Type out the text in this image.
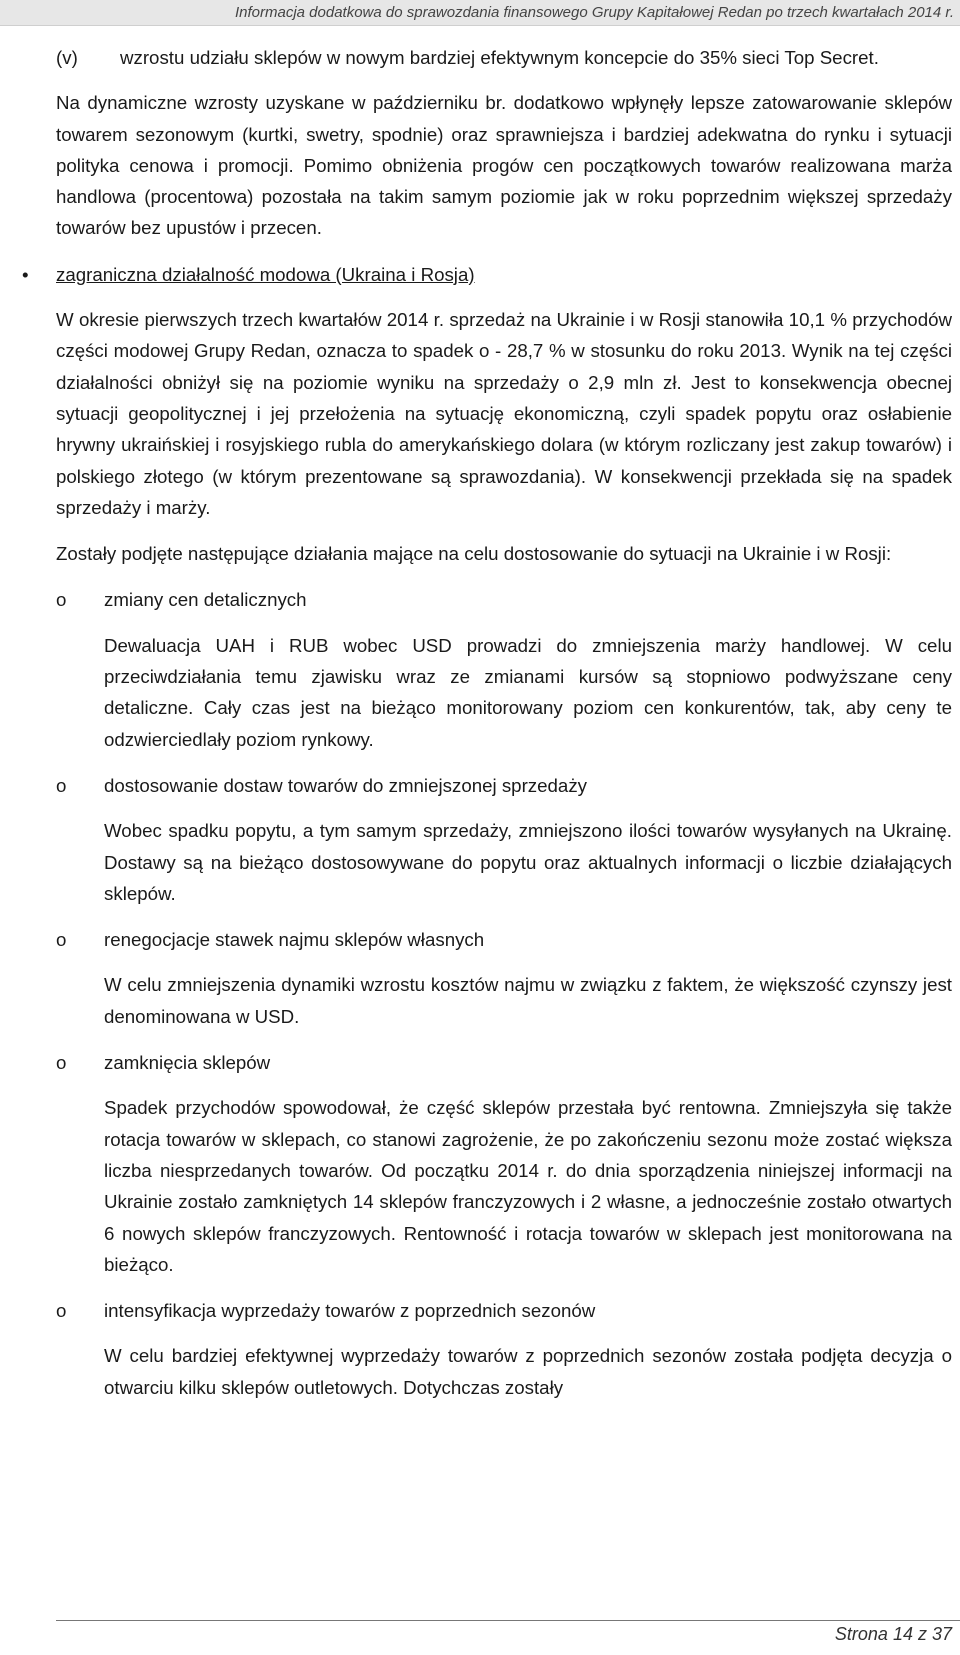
Informacja dodatkowa do sprawozdania finansowego Grupy Kapitałowej Redan po trzech kwartałach 2014 r.
(v) wzrostu udziału sklepów w nowym bardziej efektywnym koncepcie do 35% sieci Top Secret.

Na dynamiczne wzrosty uzyskane w październiku br. dodatkowo wpłynęły lepsze zatowarowanie sklepów towarem sezonowym (kurtki, swetry, spodnie) oraz sprawniejsza i bardziej adekwatna do rynku i sytuacji polityka cenowa i promocji. Pomimo obniżenia progów cen początkowych towarów realizowana marża handlowa (procentowa) pozostała na takim samym poziomie jak w roku poprzednim większej sprzedaży towarów bez upustów i przecen.

• zagraniczna działalność modowa (Ukraina i Rosja)

W okresie pierwszych trzech kwartałów 2014 r. sprzedaż na Ukrainie i w Rosji stanowiła 10,1 % przychodów części modowej Grupy Redan, oznacza to spadek o - 28,7 % w stosunku do roku 2013. Wynik na tej części działalności obniżył się na poziomie wyniku na sprzedaży o 2,9 mln zł. Jest to konsekwencja obecnej sytuacji geopolitycznej i jej przełożenia na sytuację ekonomiczną, czyli spadek popytu oraz osłabienie hrywny ukraińskiej i rosyjskiego rubla do amerykańskiego dolara (w którym rozliczany jest zakup towarów) i polskiego złotego (w którym prezentowane są sprawozdania). W konsekwencji przekłada się na spadek sprzedaży i marży.

Zostały podjęte następujące działania mające na celu dostosowanie do sytuacji na Ukrainie i w Rosji:

o zmiany cen detalicznych

Dewaluacja UAH i RUB wobec USD prowadzi do zmniejszenia marży handlowej. W celu przeciwdziałania temu zjawisku wraz ze zmianami kursów są stopniowo podwyższane ceny detaliczne. Cały czas jest na bieżąco monitorowany poziom cen konkurentów, tak, aby ceny te odzwierciedlały poziom rynkowy.

o dostosowanie dostaw towarów do zmniejszonej sprzedaży

Wobec spadku popytu, a tym samym sprzedaży, zmniejszono ilości towarów wysyłanych na Ukrainę. Dostawy są na bieżąco dostosowywane do popytu oraz aktualnych informacji o liczbie działających sklepów.

o renegocjacje stawek najmu sklepów własnych

W celu zmniejszenia dynamiki wzrostu kosztów najmu w związku z faktem, że większość czynszy jest denominowana w USD.

o zamknięcia sklepów

Spadek przychodów spowodował, że część sklepów przestała być rentowna. Zmniejszyła się także rotacja towarów w sklepach, co stanowi zagrożenie, że po zakończeniu sezonu może zostać większa liczba niesprzedanych towarów. Od początku 2014 r. do dnia sporządzenia niniejszej informacji na Ukrainie zostało zamkniętych 14 sklepów franczyzowych i 2 własne, a jednocześnie zostało otwartych 6 nowych sklepów franczyzowych. Rentowność i rotacja towarów w sklepach jest monitorowana na bieżąco.

o intensyfikacja wyprzedaży towarów z poprzednich sezonów

W celu bardziej efektywnej wyprzedaży towarów z poprzednich sezonów została podjęta decyzja o otwarciu kilku sklepów outletowych. Dotychczas zostały

Strona 14 z 37
